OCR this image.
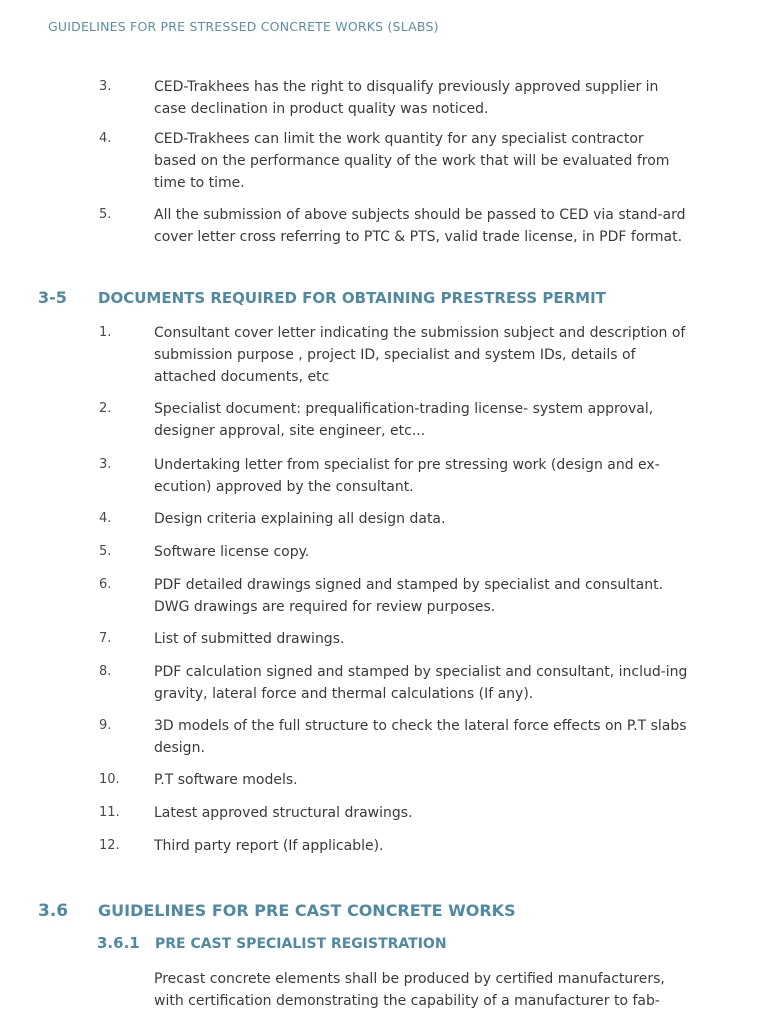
GUIDELINES FOR PRE STRESSED CONCRETE WORKS (SLABS)
3.	CED-Trakhees has the right to disqualify previously approved supplier in case declination in product quality was noticed.
4.	CED-Trakhees can limit the work quantity for any specialist contractor based on the performance quality of the work that will be evaluated from time to time.
5.	All the submission of above subjects should be passed to CED via stand-ard cover letter cross referring to PTC & PTS, valid trade license, in PDF format.
3-5 DOCUMENTS REQUIRED FOR OBTAINING PRESTRESS PERMIT
1.	Consultant cover letter indicating the submission subject and description of submission purpose , project ID, specialist and system IDs, details of attached documents, etc
2.	Specialist document: prequalification-trading license- system approval, designer approval, site engineer, etc...
3.	Undertaking letter from specialist for pre stressing work (design and ex-ecution) approved by the consultant.
4.	Design criteria explaining all design data.
5.	Software license copy.
6.	PDF detailed drawings signed and stamped by specialist and consultant. DWG drawings are required for review purposes.
7.	List of submitted drawings.
8.	PDF calculation signed and stamped by specialist and consultant, includ-ing gravity, lateral force and thermal calculations (If any).
9.	3D models of the full structure to check the lateral force effects on P.T slabs design.
10. P.T software models.
11. Latest approved structural drawings.
12. Third party report (If applicable).
3.6 GUIDELINES FOR PRE CAST CONCRETE WORKS
3.6.1 PRE CAST SPECIALIST REGISTRATION
Precast concrete elements shall be produced by certified manufacturers, with certification demonstrating the capability of a manufacturer to fab-
